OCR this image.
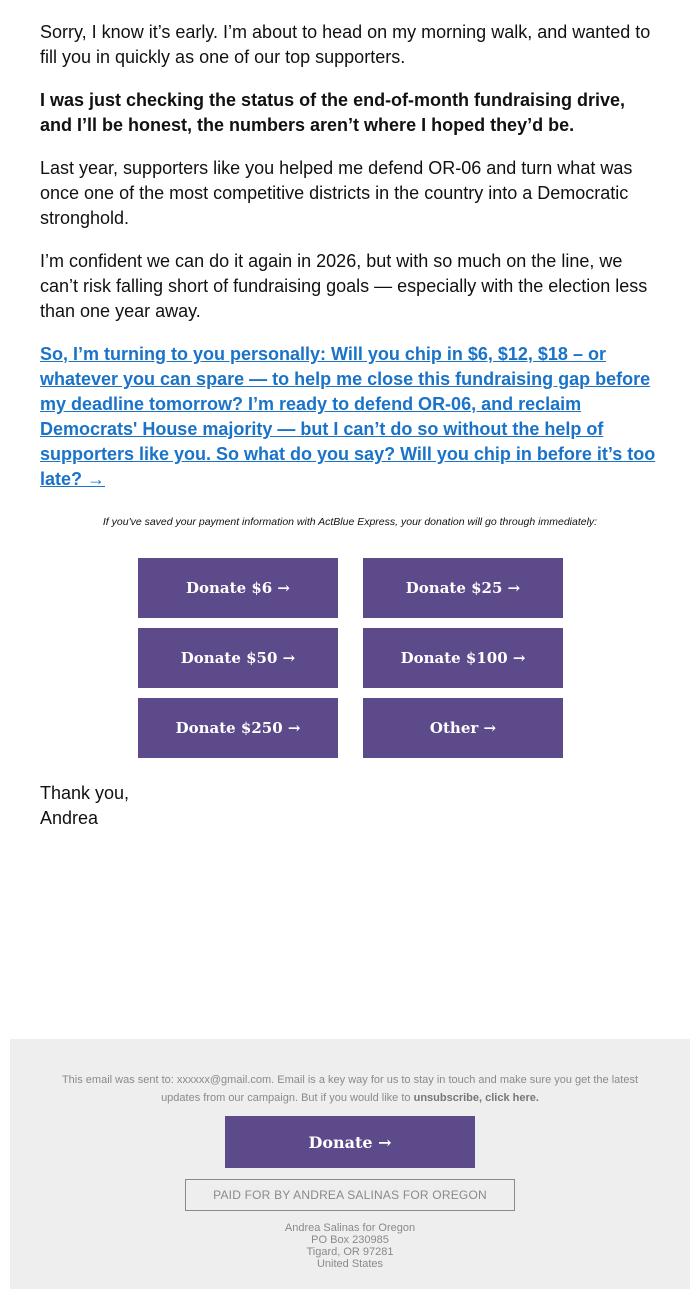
Sorry, I know it’s early. I’m about to head on my morning walk, and wanted to fill you in quickly as one of our top supporters.

I was just checking the status of the end-of-month fundraising drive, and I’ll be honest, the numbers aren’t where I hoped they’d be.

Last year, supporters like you helped me defend OR-06 and turn what was once one of the most competitive districts in the country into a Democratic stronghold.

I’m confident we can do it again in 2026, but with so much on the line, we can’t risk falling short of fundraising goals — especially with the election less than one year away.

So, I’m turning to you personally: Will you chip in $6, $12, $18 – or whatever you can spare — to help me close this fundraising gap before my deadline tomorrow? I’m ready to defend OR-06, and reclaim Democrats' House majority — but I can’t do so without the help of supporters like you. So what do you say? Will you chip in before it’s too late? →

If you've saved your payment information with ActBlue Express, your donation will go through immediately:
Donate $6 →	Donate $25 →
Donate $50 →	Donate $100 →
Donate $250 →	Other →
Thank you,
Andrea
This email was sent to: xxxxxx@gmail.com. Email is a key way for us to stay in touch and make sure you get the latest updates from our campaign. But if you would like to unsubscribe, click here.
Donate →
PAID FOR BY ANDREA SALINAS FOR OREGON
Andrea Salinas for Oregon
PO Box 230985
Tigard, OR 97281
United States
